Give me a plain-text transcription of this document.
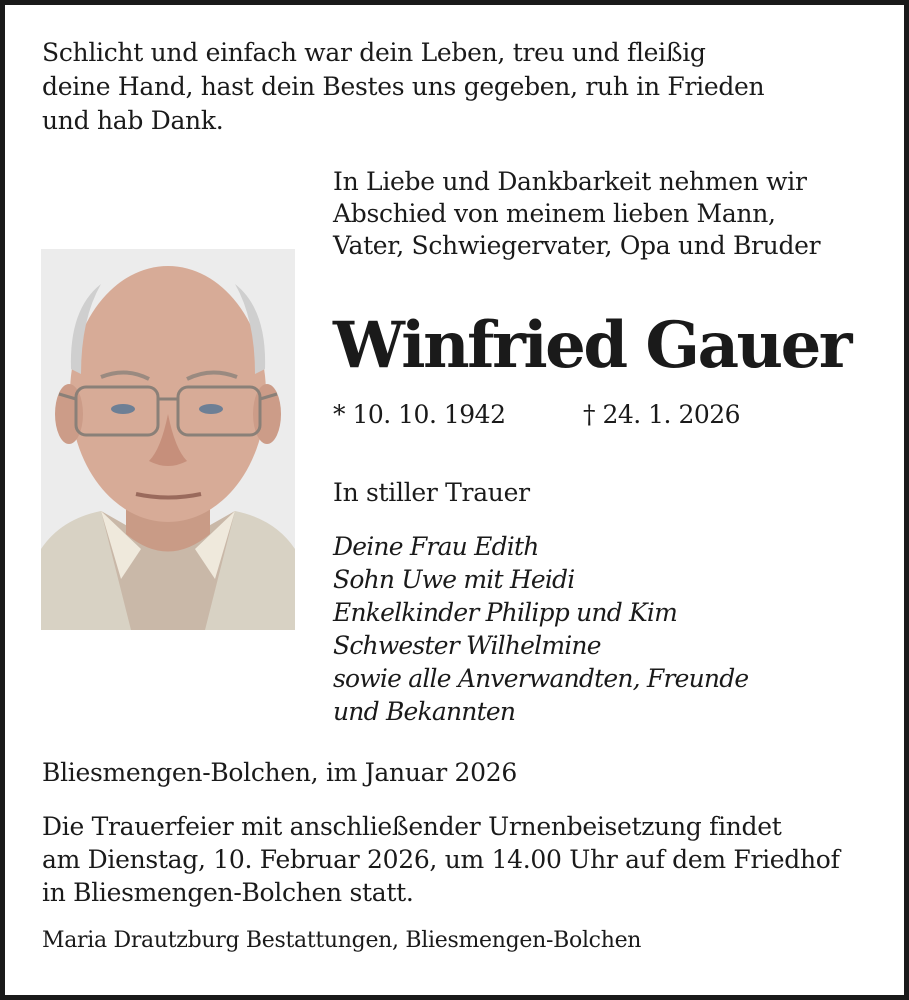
Schlicht und einfach war dein Leben, treu und fleißig
deine Hand, hast dein Bestes uns gegeben, ruh in Frieden
und hab Dank.
In Liebe und Dankbarkeit nehmen wir
Abschied von meinem lieben Mann,
Vater, Schwiegervater, Opa und Bruder
Winfried Gauer
* 10. 10. 1942	† 24. 1. 2026
In stiller Trauer
Deine Frau Edith
Sohn Uwe mit Heidi
Enkelkinder Philipp und Kim
Schwester Wilhelmine
sowie alle Anverwandten, Freunde
und Bekannten
Bliesmengen-Bolchen, im Januar 2026
Die Trauerfeier mit anschließender Urnenbeisetzung findet
am Dienstag, 10. Februar 2026, um 14.00 Uhr auf dem Friedhof
in Bliesmengen-Bolchen statt.
Maria Drautzburg Bestattungen, Bliesmengen-Bolchen
